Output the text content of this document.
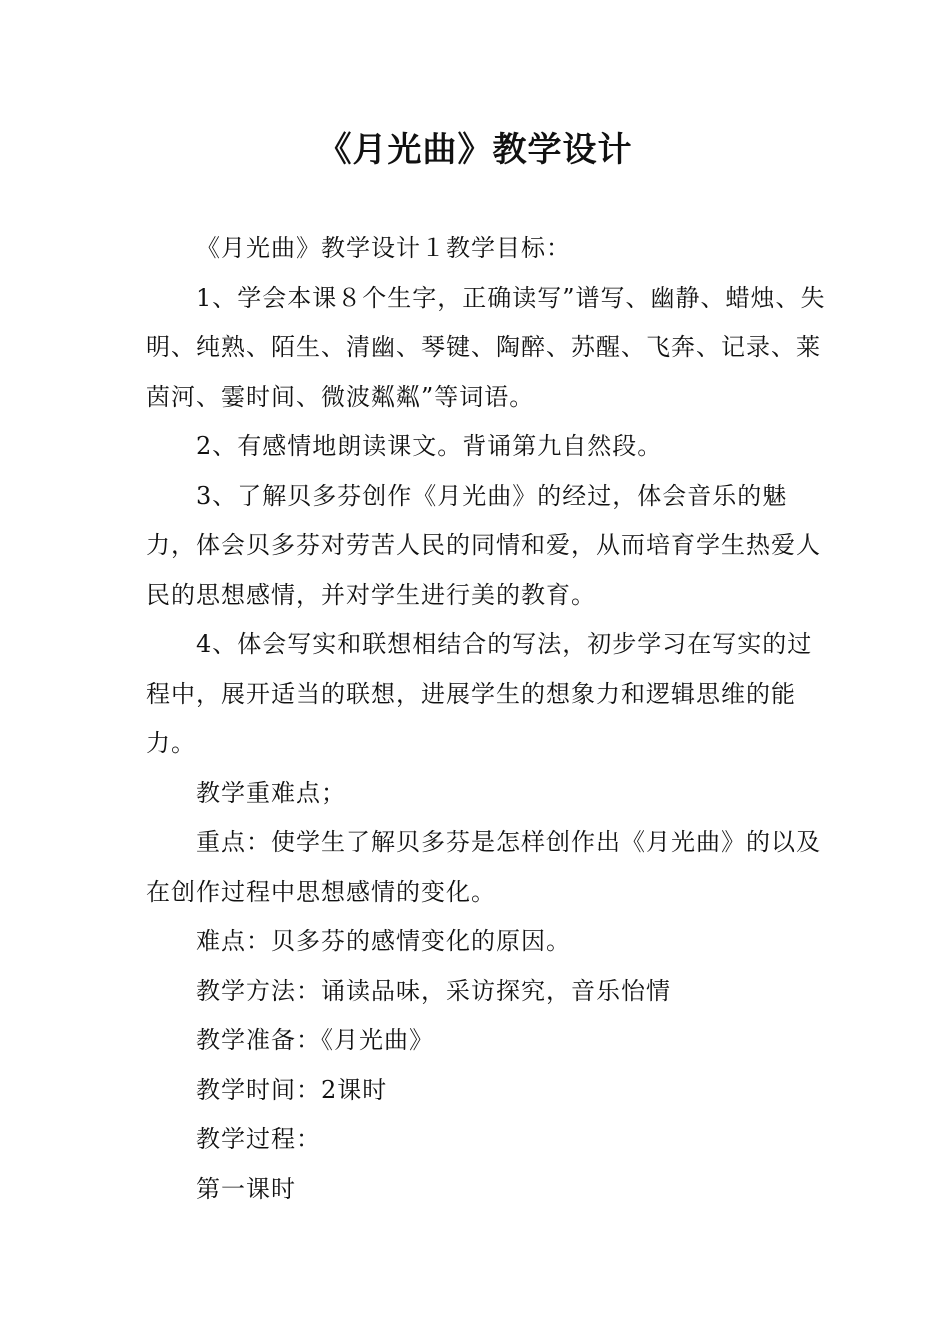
《月光曲》教学设计

《月光曲》教学设计１教学目标：

1、学会本课８个生字，正确读写”谱写、幽静、蜡烛、失明、纯熟、陌生、清幽、琴键、陶醉、苏醒、飞奔、记录、莱茵河、霎时间、微波粼粼”等词语。

2、有感情地朗读课文。背诵第九自然段。

3、了解贝多芬创作《月光曲》的经过，体会音乐的魅力，体会贝多芬对劳苦人民的同情和爱，从而培育学生热爱人民的思想感情，并对学生进行美的教育。

4、体会写实和联想相结合的写法，初步学习在写实的过程中，展开适当的联想，进展学生的想象力和逻辑思维的能力。

教学重难点；

重点：使学生了解贝多芬是怎样创作出《月光曲》的以及在创作过程中思想感情的变化。

难点：贝多芬的感情变化的原因。

教学方法：诵读品味，采访探究，音乐怡情

教学准备：《月光曲》

教学时间：2课时

教学过程：

第一课时
